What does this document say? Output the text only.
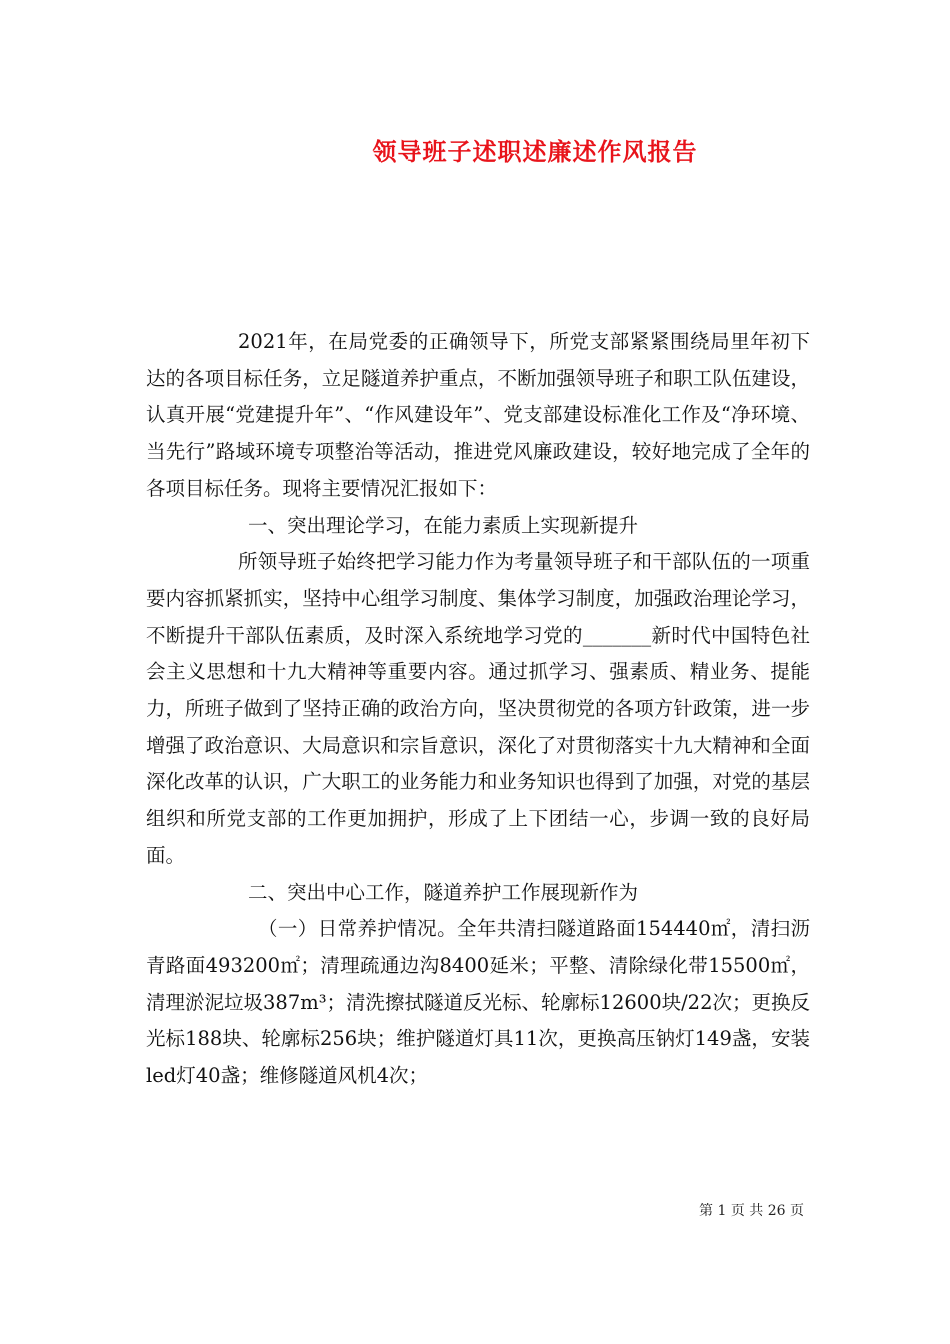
领导班子述职述廉述作风报告

2021年，在局党委的正确领导下，所党支部紧紧围绕局里年初下达的各项目标任务，立足隧道养护重点，不断加强领导班子和职工队伍建设，认真开展“党建提升年”、“作风建设年”、党支部建设标准化工作及“净环境、当先行”路域环境专项整治等活动，推进党风廉政建设，较好地完成了全年的各项目标任务。现将主要情况汇报如下：

一、突出理论学习，在能力素质上实现新提升

所领导班子始终把学习能力作为考量领导班子和干部队伍的一项重要内容抓紧抓实，坚持中心组学习制度、集体学习制度，加强政治理论学习，不断提升干部队伍素质，及时深入系统地学习党的_______新时代中国特色社会主义思想和十九大精神等重要内容。通过抓学习、强素质、精业务、提能力，所班子做到了坚持正确的政治方向，坚决贯彻党的各项方针政策，进一步增强了政治意识、大局意识和宗旨意识，深化了对贯彻落实十九大精神和全面深化改革的认识，广大职工的业务能力和业务知识也得到了加强，对党的基层组织和所党支部的工作更加拥护，形成了上下团结一心，步调一致的良好局面。

二、突出中心工作，隧道养护工作展现新作为

（一）日常养护情况。全年共清扫隧道路面154440㎡，清扫沥青路面493200㎡；清理疏通边沟8400延米；平整、清除绿化带15500㎡，清理淤泥垃圾387m³；清洗擦拭隧道反光标、轮廓标12600块/22次；更换反光标188块、轮廓标256块；维护隧道灯具11次，更换高压钠灯149盏，安装led灯40盏；维修隧道风机4次；

第 1 页 共 26 页
